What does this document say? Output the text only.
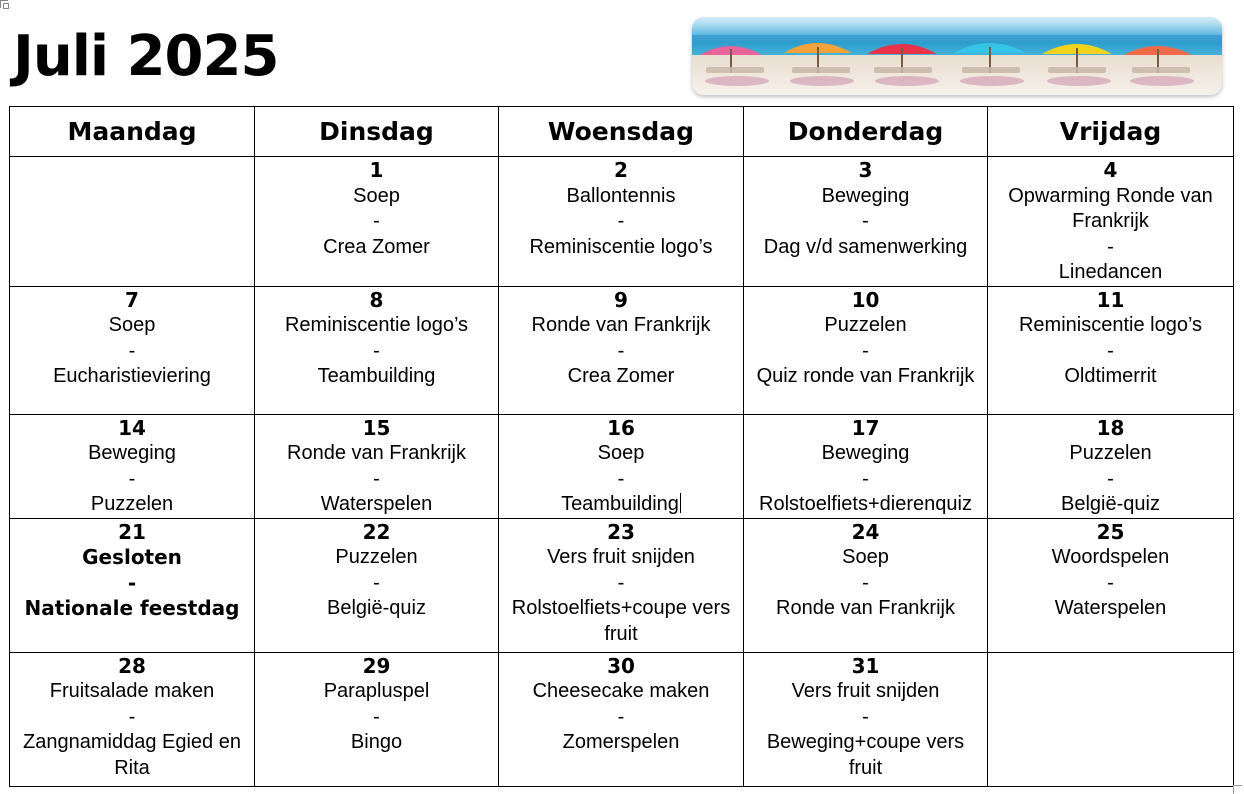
Juli 2025
Maandag	Dinsdag	Woensdag	Donderdag	Vrijdag

	1
Soep
-
Crea Zomer	2
Ballontennis
-
Reminiscentie logo’s	3
Beweging
-
Dag v/d samenwerking	4
Opwarming Ronde van Frankrijk
-
Linedancen

7
Soep
-
Eucharistieviering	8
Reminiscentie logo’s
-
Teambuilding	9
Ronde van Frankrijk
-
Crea Zomer	10
Puzzelen
-
Quiz ronde van Frankrijk	11
Reminiscentie logo’s
-
Oldtimerrit

14
Beweging
-
Puzzelen	15
Ronde van Frankrijk
-
Waterspelen	16
Soep
-
Teambuilding	17
Beweging
-
Rolstoelfiets+dierenquiz	18
Puzzelen
-
België-quiz

21
Gesloten
-
Nationale feestdag	22
Puzzelen
-
België-quiz	23
Vers fruit snijden
-
Rolstoelfiets+coupe vers fruit	24
Soep
-
Ronde van Frankrijk	25
Woordspelen
-
Waterspelen

28
Fruitsalade maken
-
Zangnamiddag Egied en Rita	29
Parapluspel
-
Bingo	30
Cheesecake maken
-
Zomerspelen	31
Vers fruit snijden
-
Beweging+coupe vers fruit	
